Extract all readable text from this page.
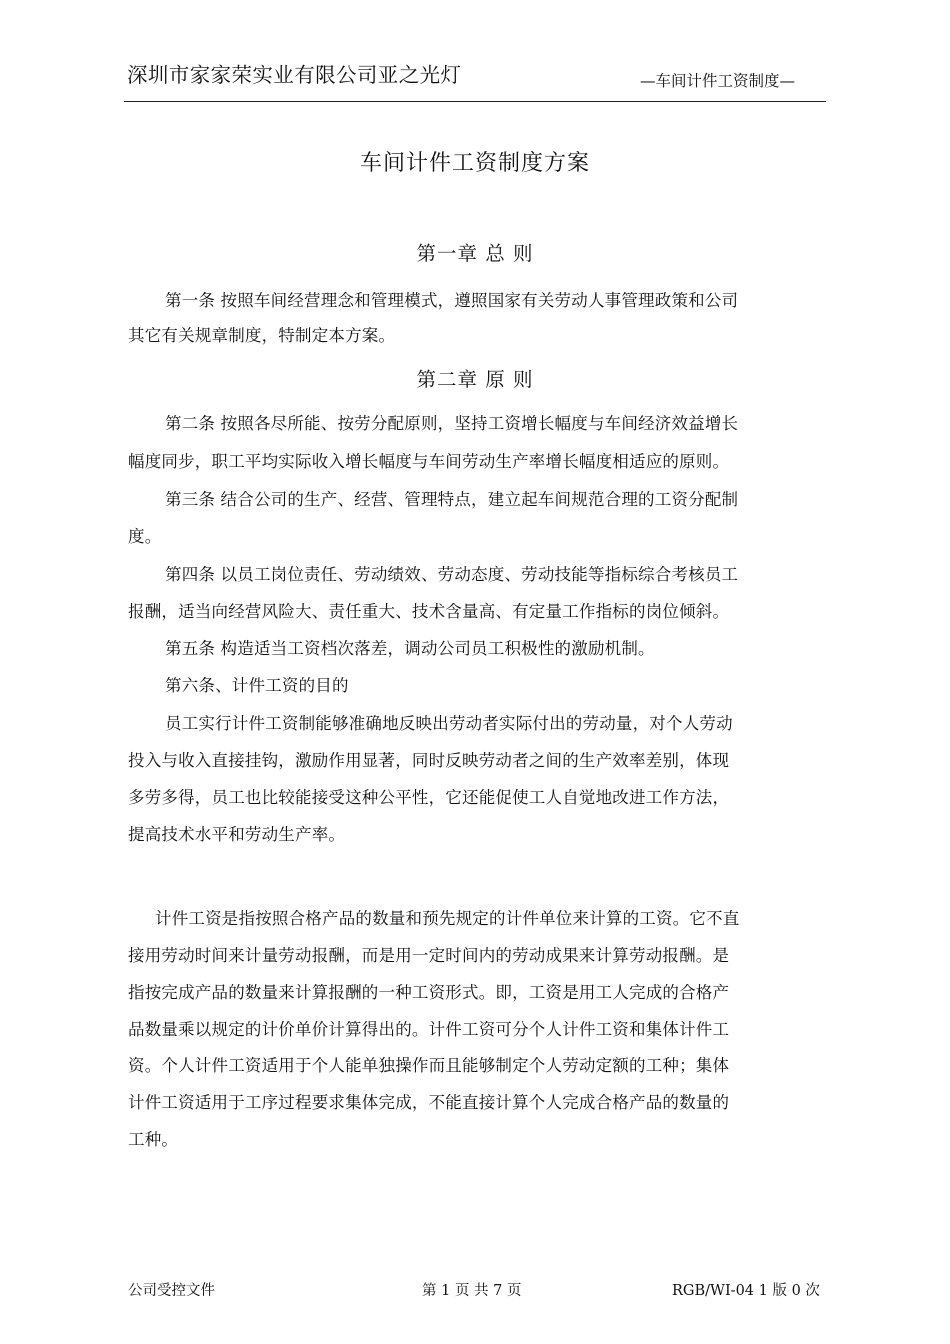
深圳市家家荣实业有限公司亚之光灯	—车间计件工资制度—
车间计件工资制度方案
第一章 总 则
第一条 按照车间经营理念和管理模式，遵照国家有关劳动人事管理政策和公司
其它有关规章制度，特制定本方案。
第二章 原 则
第二条 按照各尽所能、按劳分配原则，坚持工资增长幅度与车间经济效益增长
幅度同步，职工平均实际收入增长幅度与车间劳动生产率增长幅度相适应的原则。
第三条 结合公司的生产、经营、管理特点，建立起车间规范合理的工资分配制
度。
第四条 以员工岗位责任、劳动绩效、劳动态度、劳动技能等指标综合考核员工
报酬，适当向经营风险大、责任重大、技术含量高、有定量工作指标的岗位倾斜。
第五条 构造适当工资档次落差，调动公司员工积极性的激励机制。
第六条、计件工资的目的
员工实行计件工资制能够准确地反映出劳动者实际付出的劳动量，对个人劳动
投入与收入直接挂钩，激励作用显著，同时反映劳动者之间的生产效率差别，体现
多劳多得，员工也比较能接受这种公平性，它还能促使工人自觉地改进工作方法，
提高技术水平和劳动生产率。
计件工资是指按照合格产品的数量和预先规定的计件单位来计算的工资。它不直
接用劳动时间来计量劳动报酬，而是用一定时间内的劳动成果来计算劳动报酬。是
指按完成产品的数量来计算报酬的一种工资形式。即，工资是用工人完成的合格产
品数量乘以规定的计价单价计算得出的。计件工资可分个人计件工资和集体计件工
资。个人计件工资适用于个人能单独操作而且能够制定个人劳动定额的工种；集体
计件工资适用于工序过程要求集体完成，不能直接计算个人完成合格产品的数量的
工种。
公司受控文件	第 1 页 共 7 页	RGB/WI-04 1 版 0 次
